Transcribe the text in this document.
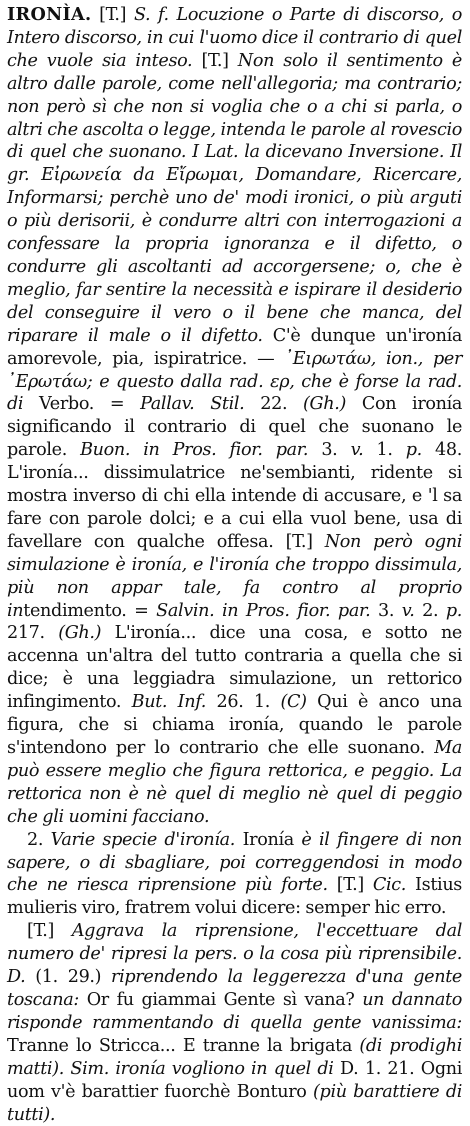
IRONÌA. [T.] S. f. Locuzione o Parte di discorso, o Intero discorso, in cui l'uomo dice il contrario di quel che vuole sia inteso. [T.] Non solo il sentimento è altro dalle parole, come nell'allegoria; ma contrario; non però sì che non si voglia che o a chi si parla, o altri che ascolta o legge, intenda le parole al rovescio di quel che suonano. I Lat. la dicevano Inversione. Il gr. Εἰρωνεία da Εἴρωμαι, Domandare, Ricercare, Informarsi; perchè uno de' modi ironici, o più arguti o più derisorii, è condurre altri con interrogazioni a confessare la propria ignoranza e il difetto, o condurre gli ascoltanti ad accorgersene; o, che è meglio, far sentire la necessità e ispirare il desiderio del conseguire il vero o il bene che manca, del riparare il male o il difetto. C'è dunque un'ironía amorevole, pia, ispiratrice. — ᾿Ειρωτάω, ion., per ᾿Ερωτάω; e questo dalla rad. ερ, che è forse la rad. di Verbo. = Pallav. Stil. 22. (Gh.) Con ironía significando il contrario di quel che suonano le parole. Buon. in Pros. fior. par. 3. v. 1. p. 48. L'ironía... dissimulatrice ne'sembianti, ridente si mostra inverso di chi ella intende di accusare, e 'l sa fare con parole dolci; e a cui ella vuol bene, usa di favellare con qualche offesa. [T.] Non però ogni simulazione è ironía, e l'ironía che troppo dissimula, più non appar tale, fa contro al proprio intendimento. = Salvin. in Pros. fior. par. 3. v. 2. p. 217. (Gh.) L'ironía... dice una cosa, e sotto ne accenna un'altra del tutto contraria a quella che si dice; è una leggiadra simulazione, un rettorico infingimento. But. Inf. 26. 1. (C) Qui è anco una figura, che si chiama ironía, quando le parole s'intendono per lo contrario che elle suonano. Ma può essere meglio che figura rettorica, e peggio. La rettorica non è nè quel di meglio nè quel di peggio che gli uomini facciano.

2. Varie specie d'ironía. Ironía è il fingere di non sapere, o di sbagliare, poi correggendosi in modo che ne riesca riprensione più forte. [T.] Cic. Istius mulieris viro, fratrem volui dicere: semper hic erro.

[T.] Aggrava la riprensione, l'eccettuare dal numero de' ripresi la pers. o la cosa più riprensibile. D. (1. 29.) riprendendo la leggerezza d'una gente toscana: Or fu giammai Gente sì vana? un dannato risponde rammentando di quella gente vanissima: Tranne lo Stricca... E tranne la brigata (di prodighi matti). Sim. ironía vogliono in quel di D. 1. 21. Ogni uom v'è barattier fuorchè Bonturo (più barattiere di tutti).
